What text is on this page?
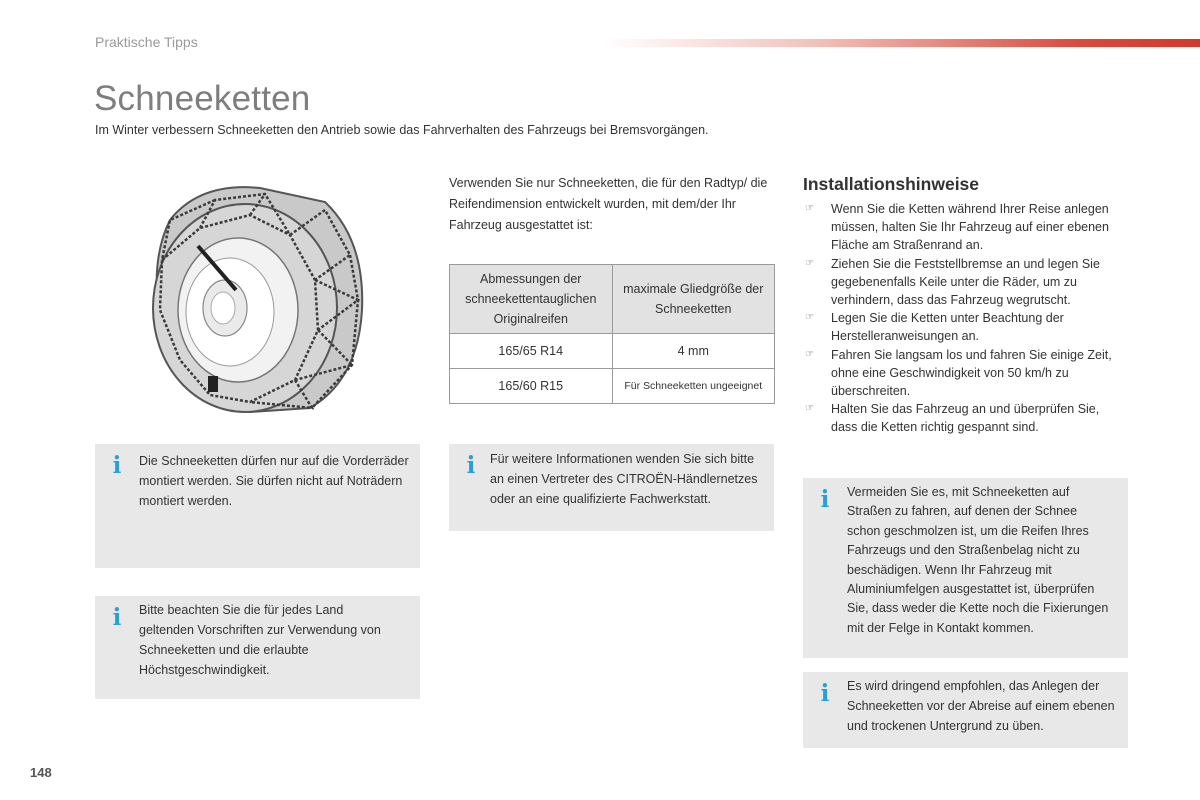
Praktische Tipps
Schneeketten
Im Winter verbessern Schneeketten den Antrieb sowie das Fahrverhalten des Fahrzeugs bei Bremsvorgängen.
Verwenden Sie nur Schneeketten, die für den Radtyp/ die Reifendimension entwickelt wurden, mit dem/der Ihr Fahrzeug ausgestattet ist:
Abmessungen der schneekettentauglichen Originalreifen	maximale Gliedgröße der Schneeketten
165/65 R14	4 mm
165/60 R15	Für Schneeketten ungeeignet
Installationshinweise
☞ Wenn Sie die Ketten während Ihrer Reise anlegen müssen, halten Sie Ihr Fahrzeug auf einer ebenen Fläche am Straßenrand an.
☞ Ziehen Sie die Feststellbremse an und legen Sie gegebenenfalls Keile unter die Räder, um zu verhindern, dass das Fahrzeug wegrutscht.
☞ Legen Sie die Ketten unter Beachtung der Herstelleranweisungen an.
☞ Fahren Sie langsam los und fahren Sie einige Zeit, ohne eine Geschwindigkeit von 50 km/h zu überschreiten.
☞ Halten Sie das Fahrzeug an und überprüfen Sie, dass die Ketten richtig gespannt sind.
i Die Schneeketten dürfen nur auf die Vorderräder montiert werden. Sie dürfen nicht auf Noträdern montiert werden.
i Bitte beachten Sie die für jedes Land geltenden Vorschriften zur Verwendung von Schneeketten und die erlaubte Höchstgeschwindigkeit.
i Für weitere Informationen wenden Sie sich bitte an einen Vertreter des CITROËN-Händlernetzes oder an eine qualifizierte Fachwerkstatt.	i Vermeiden Sie es, mit Schneeketten auf Straßen zu fahren, auf denen der Schnee schon geschmolzen ist, um die Reifen Ihres Fahrzeugs und den Straßenbelag nicht zu beschädigen. Wenn Ihr Fahrzeug mit Aluminiumfelgen ausgestattet ist, überprüfen Sie, dass weder die Kette noch die Fixierungen mit der Felge in Kontakt kommen.
i Es wird dringend empfohlen, das Anlegen der Schneeketten vor der Abreise auf einem ebenen und trockenen Untergrund zu üben.
148
